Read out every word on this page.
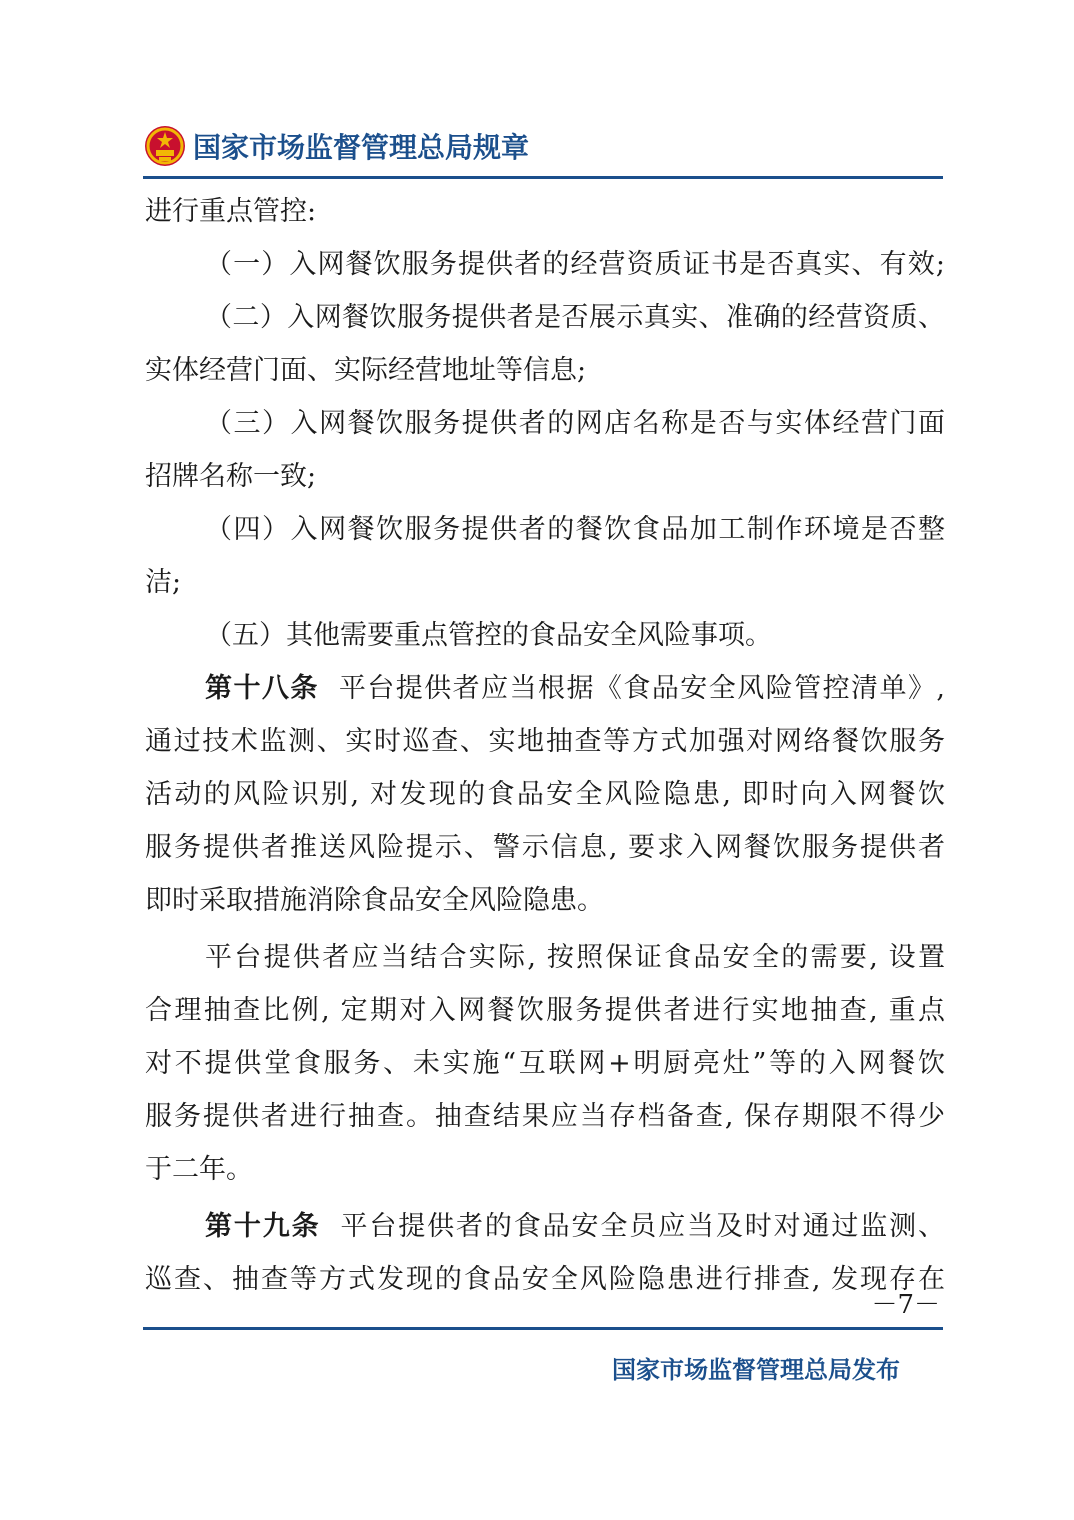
国家市场监督管理总局规章
进行重点管控:
（一）入网餐饮服务提供者的经营资质证书是否真实、有效;
（二）入网餐饮服务提供者是否展示真实、准确的经营资质、
实体经营门面、实际经营地址等信息;
（三）入网餐饮服务提供者的网店名称是否与实体经营门面
招牌名称一致;
（四）入网餐饮服务提供者的餐饮食品加工制作环境是否整
洁;
（五）其他需要重点管控的食品安全风险事项。
第十八条 平台提供者应当根据《食品安全风险管控清单》,
通过技术监测、实时巡查、实地抽查等方式加强对网络餐饮服务
活动的风险识别, 对发现的食品安全风险隐患, 即时向入网餐饮
服务提供者推送风险提示、警示信息, 要求入网餐饮服务提供者
即时采取措施消除食品安全风险隐患。
平台提供者应当结合实际, 按照保证食品安全的需要, 设置
合理抽查比例, 定期对入网餐饮服务提供者进行实地抽查, 重点
对不提供堂食服务、未实施“互联网+明厨亮灶”等的入网餐饮
服务提供者进行抽查。抽查结果应当存档备查, 保存期限不得少
于二年。
第十九条 平台提供者的食品安全员应当及时对通过监测、
巡查、抽查等方式发现的食品安全风险隐患进行排查, 发现存在
－7－
国家市场监督管理总局发布
